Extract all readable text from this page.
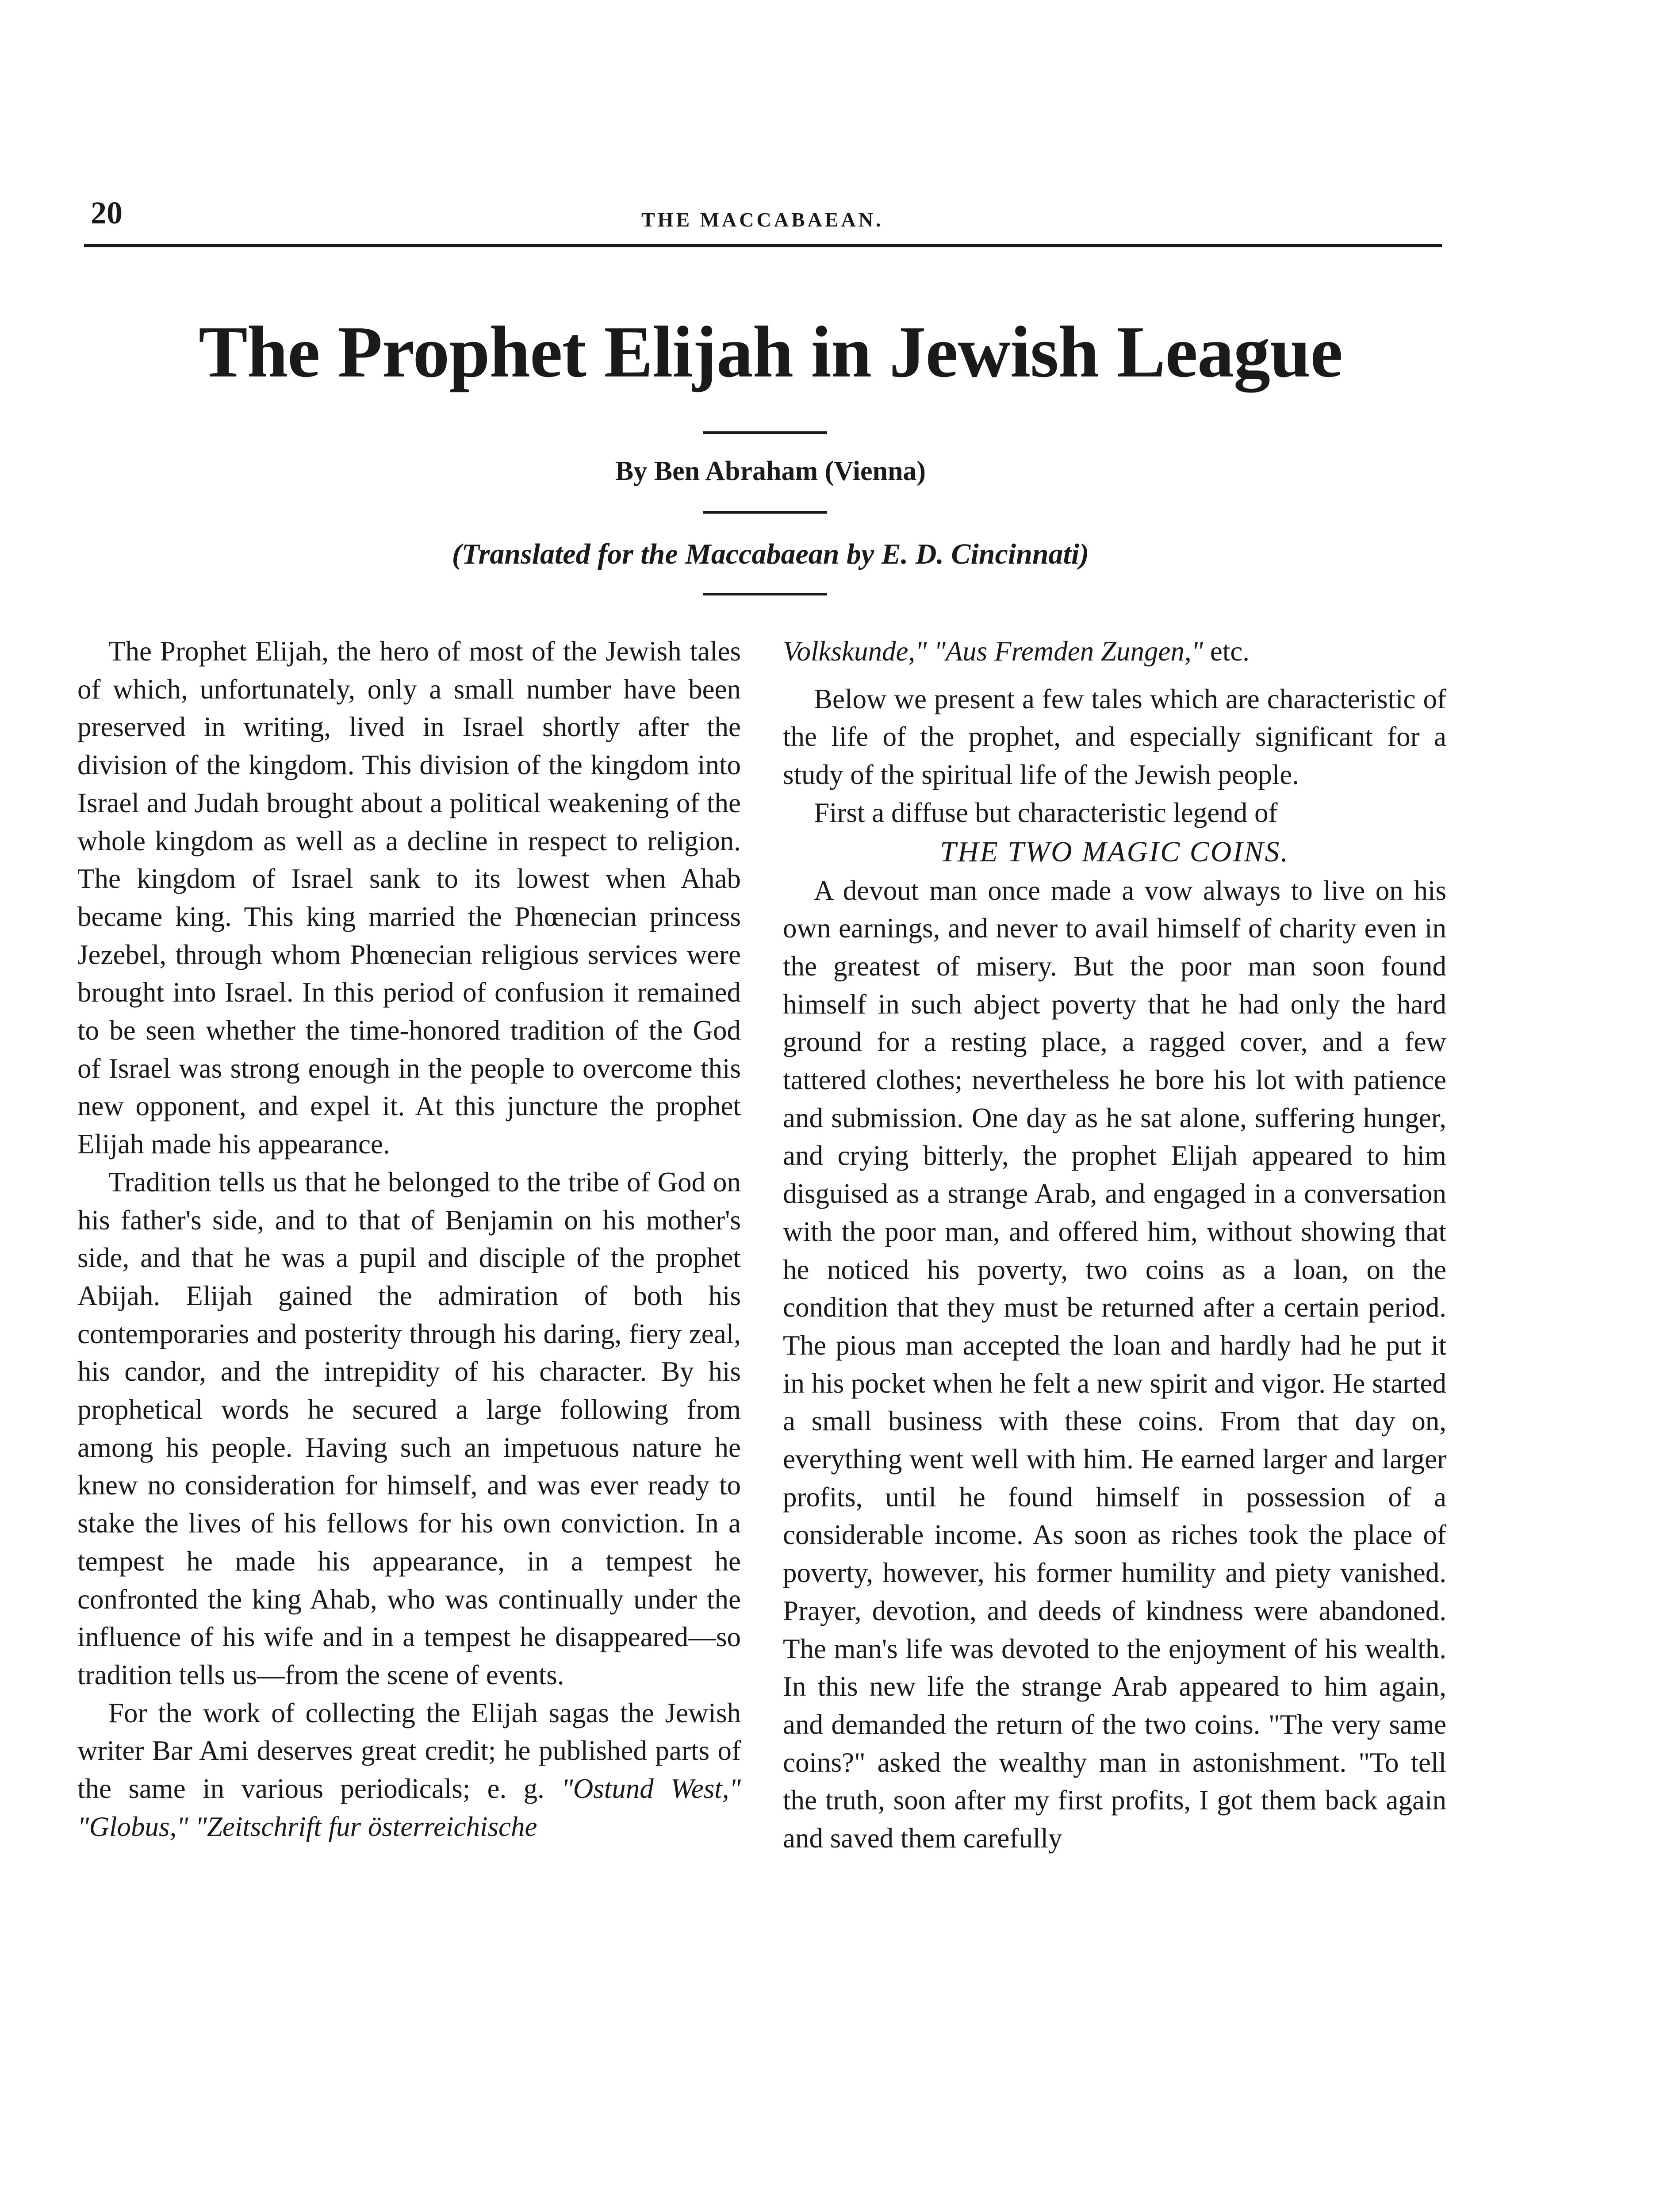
20	THE MACCABAEAN.
The Prophet Elijah in Jewish League
By Ben Abraham (Vienna)
(Translated for the Maccabaean by E. D. Cincinnati)

The Prophet Elijah, the hero of most of the Jewish tales of which, unfortunately, only a small number have been preserved in writing, lived in Israel shortly after the division of the kingdom. This division of the kingdom into Israel and Judah brought about a political weakening of the whole kingdom as well as a decline in respect to religion. The kingdom of Israel sank to its lowest when Ahab became king. This king married the Phœnecian princess Jezebel, through whom Phœnecian religious services were brought into Israel. In this period of confusion it remained to be seen whether the time-honored tradition of the God of Israel was strong enough in the people to overcome this new opponent, and expel it. At this juncture the prophet Elijah made his appearance.

Tradition tells us that he belonged to the tribe of God on his father's side, and to that of Benjamin on his mother's side, and that he was a pupil and disciple of the prophet Abijah. Elijah gained the admiration of both his contemporaries and posterity through his daring, fiery zeal, his candor, and the intrepidity of his character. By his prophetical words he secured a large following from among his people. Having such an impetuous nature he knew no consideration for himself, and was ever ready to stake the lives of his fellows for his own conviction. In a tempest he made his appearance, in a tempest he confronted the king Ahab, who was continually under the influence of his wife and in a tempest he disappeared—so tradition tells us—from the scene of events.

For the work of collecting the Elijah sagas the Jewish writer Bar Ami deserves great credit; he published parts of the same in various periodicals; e. g. "Ostund West," "Globus," "Zeitschrift fur österreichische

Volkskunde," "Aus Fremden Zungen," etc.

Below we present a few tales which are characteristic of the life of the prophet, and especially significant for a study of the spiritual life of the Jewish people.

First a diffuse but characteristic legend of

THE TWO MAGIC COINS.

A devout man once made a vow always to live on his own earnings, and never to avail himself of charity even in the greatest of misery. But the poor man soon found himself in such abject poverty that he had only the hard ground for a resting place, a ragged cover, and a few tattered clothes; nevertheless he bore his lot with patience and submission. One day as he sat alone, suffering hunger, and crying bitterly, the prophet Elijah appeared to him disguised as a strange Arab, and engaged in a conversation with the poor man, and offered him, without showing that he noticed his poverty, two coins as a loan, on the condition that they must be returned after a certain period. The pious man accepted the loan and hardly had he put it in his pocket when he felt a new spirit and vigor. He started a small business with these coins. From that day on, everything went well with him. He earned larger and larger profits, until he found himself in possession of a considerable income. As soon as riches took the place of poverty, however, his former humility and piety vanished. Prayer, devotion, and deeds of kindness were abandoned. The man's life was devoted to the enjoyment of his wealth. In this new life the strange Arab appeared to him again, and demanded the return of the two coins. "The very same coins?" asked the wealthy man in astonishment. "To tell the truth, soon after my first profits, I got them back again and saved them carefully
